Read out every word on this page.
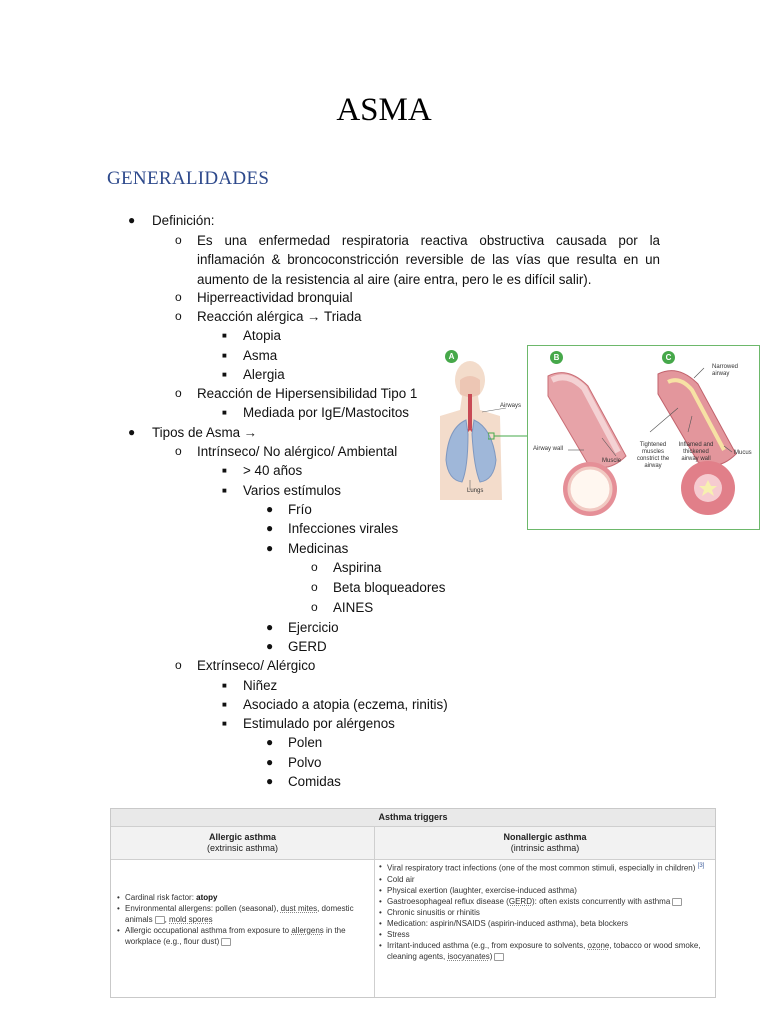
ASMA
GENERALIDADES
● Definición:
o Es una enfermedad respiratoria reactiva obstructiva causada por la inflamación & broncoconstricción reversible de las vías que resulta en un aumento de la resistencia al aire (aire entra, pero le es difícil salir).
o Hiperreactividad bronquial
o Reacción alérgica → Triada
■ Atopia
■ Asma
■ Alergia
o Reacción de Hipersensibilidad Tipo 1
■ Mediada por IgE/Mastocitos
● Tipos de Asma →
o Intrínseco/ No alérgico/ Ambiental
■ > 40 años
■ Varios estímulos
● Frío
● Infecciones virales
● Medicinas
o Aspirina
o Beta bloqueadores
o AINES
● Ejercicio
● GERD
o Extrínseco/ Alérgico
■ Niñez
■ Asociado a atopia (eczema, rinitis)
■ Estimulado por alérgenos
● Polen
● Polvo
● Comidas
A
Airways
Lungs
B	C
Airway wall
Muscle
Narrowed airway
Tightened muscles constrict the airway
Inflamed and thickened airway wall
Mucus
Asthma triggers
Allergic asthma
(extrinsic asthma)
Nonallergic asthma
(intrinsic asthma)
• Cardinal risk factor: atopy
• Environmental allergens: pollen (seasonal), dust mites, domestic animals , mold spores
• Allergic occupational asthma from exposure to allergens in the workplace (e.g., flour dust)
• Viral respiratory tract infections (one of the most common stimuli, especially in children) [3]
• Cold air
• Physical exertion (laughter, exercise-induced asthma)
• Gastroesophageal reflux disease (GERD): often exists concurrently with asthma
• Chronic sinusitis or rhinitis
• Medication: aspirin/NSAIDS (aspirin-induced asthma), beta blockers
• Stress
• Irritant-induced asthma (e.g., from exposure to solvents, ozone, tobacco or wood smoke, cleaning agents, isocyanates)
